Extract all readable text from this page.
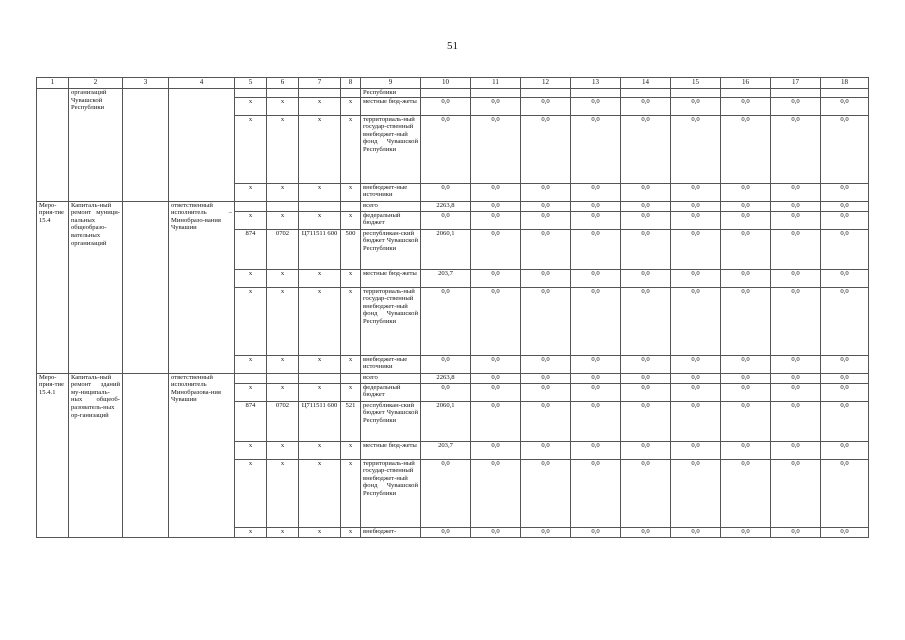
51
1	2	3	4	5	6	7	8	9	10	11	12	13	14	15	16	17	18
	организаций Чувашской Республики							Республики									
				x	x	x	x	местные бюд-жеты	0,0	0,0	0,0	0,0	0,0	0,0	0,0	0,0	0,0
				x	x	x	x	территориаль-ный государ-ственный внебюджет-ный фонд Чувашской Республики	0,0	0,0	0,0	0,0	0,0	0,0	0,0	0,0	0,0
				x	x	x	x	внебюджет-ные источники	0,0	0,0	0,0	0,0	0,0	0,0	0,0	0,0	0,0
Меро-прия-тие 15.4	Капиталь-ный ремонт муници-пальных общеобразо-вательных организаций		ответственный исполнитель – Минобразо-вания Чувашии					всего	2263,8	0,0	0,0	0,0	0,0	0,0	0,0	0,0	0,0
				x	x	x	x	федеральный бюджет	0,0	0,0	0,0	0,0	0,0	0,0	0,0	0,0	0,0
				874	0702	Ц711511 600	500	республикан-ский бюджет Чувашской Республики	2060,1	0,0	0,0	0,0	0,0	0,0	0,0	0,0	0,0
				x	x	x	x	местные бюд-жеты	203,7	0,0	0,0	0,0	0,0	0,0	0,0	0,0	0,0
				x	x	x	x	территориаль-ный государ-ственный внебюджет-ный фонд Чувашской Республики	0,0	0,0	0,0	0,0	0,0	0,0	0,0	0,0	0,0
				x	x	x	x	внебюджет-ные источники	0,0	0,0	0,0	0,0	0,0	0,0	0,0	0,0	0,0
Меро-прия-тие 15.4.1	Капиталь-ный ремонт зданий му-ниципаль-ных общеоб-разователь-ных ор-ганизаций		ответственный исполнитель Минобразова-ния Чувашии					всего	2263,8	0,0	0,0	0,0	0,0	0,0	0,0	0,0	0,0
				x	x	x	x	федеральный бюджет	0,0	0,0	0,0	0,0	0,0	0,0	0,0	0,0	0,0
				874	0702	Ц711511 600	521	республикан-ский бюджет Чувашской Республики	2060,1	0,0	0,0	0,0	0,0	0,0	0,0	0,0	0,0
				x	x	x	x	местные бюд-жеты	203,7	0,0	0,0	0,0	0,0	0,0	0,0	0,0	0,0
				x	x	x	x	территориаль-ный государ-ственный внебюджет-ный фонд Чувашской Республики	0,0	0,0	0,0	0,0	0,0	0,0	0,0	0,0	0,0
				x	x	x	x	внебюджет-	0,0	0,0	0,0	0,0	0,0	0,0	0,0	0,0	0,0
